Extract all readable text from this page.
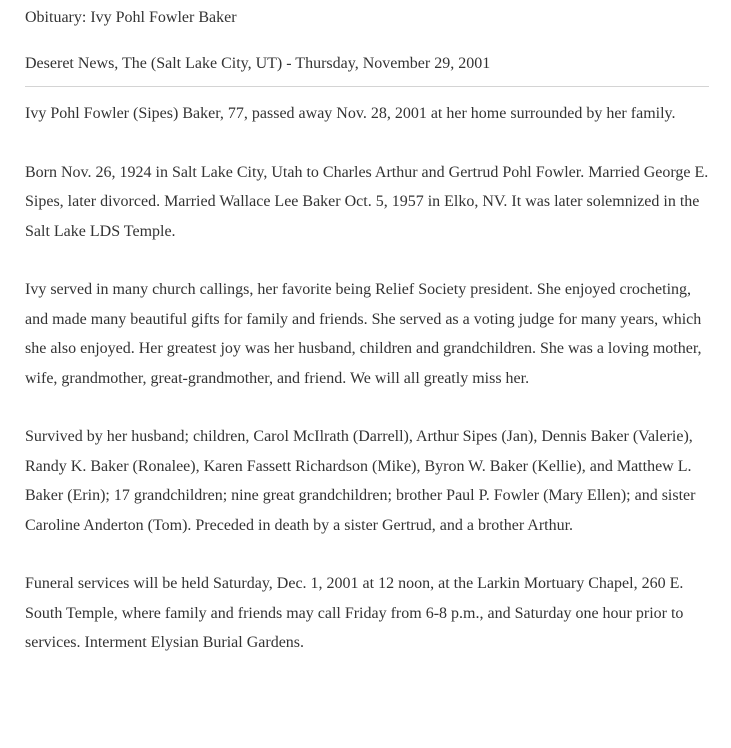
Obituary: Ivy Pohl Fowler Baker
Deseret News, The (Salt Lake City, UT) - Thursday, November 29, 2001

Ivy Pohl Fowler (Sipes) Baker, 77, passed away Nov. 28, 2001 at her home surrounded by her family.

Born Nov. 26, 1924 in Salt Lake City, Utah to Charles Arthur and Gertrud Pohl Fowler. Married George E. Sipes, later divorced. Married Wallace Lee Baker Oct. 5, 1957 in Elko, NV. It was later solemnized in the Salt Lake LDS Temple.

Ivy served in many church callings, her favorite being Relief Society president. She enjoyed crocheting, and made many beautiful gifts for family and friends. She served as a voting judge for many years, which she also enjoyed. Her greatest joy was her husband, children and grandchildren. She was a loving mother, wife, grandmother, great-grandmother, and friend. We will all greatly miss her.

Survived by her husband; children, Carol McIlrath (Darrell), Arthur Sipes (Jan), Dennis Baker (Valerie), Randy K. Baker (Ronalee), Karen Fassett Richardson (Mike), Byron W. Baker (Kellie), and Matthew L. Baker (Erin); 17 grandchildren; nine great grandchildren; brother Paul P. Fowler (Mary Ellen); and sister Caroline Anderton (Tom). Preceded in death by a sister Gertrud, and a brother Arthur.

Funeral services will be held Saturday, Dec. 1, 2001 at 12 noon, at the Larkin Mortuary Chapel, 260 E. South Temple, where family and friends may call Friday from 6-8 p.m., and Saturday one hour prior to services. Interment Elysian Burial Gardens.
